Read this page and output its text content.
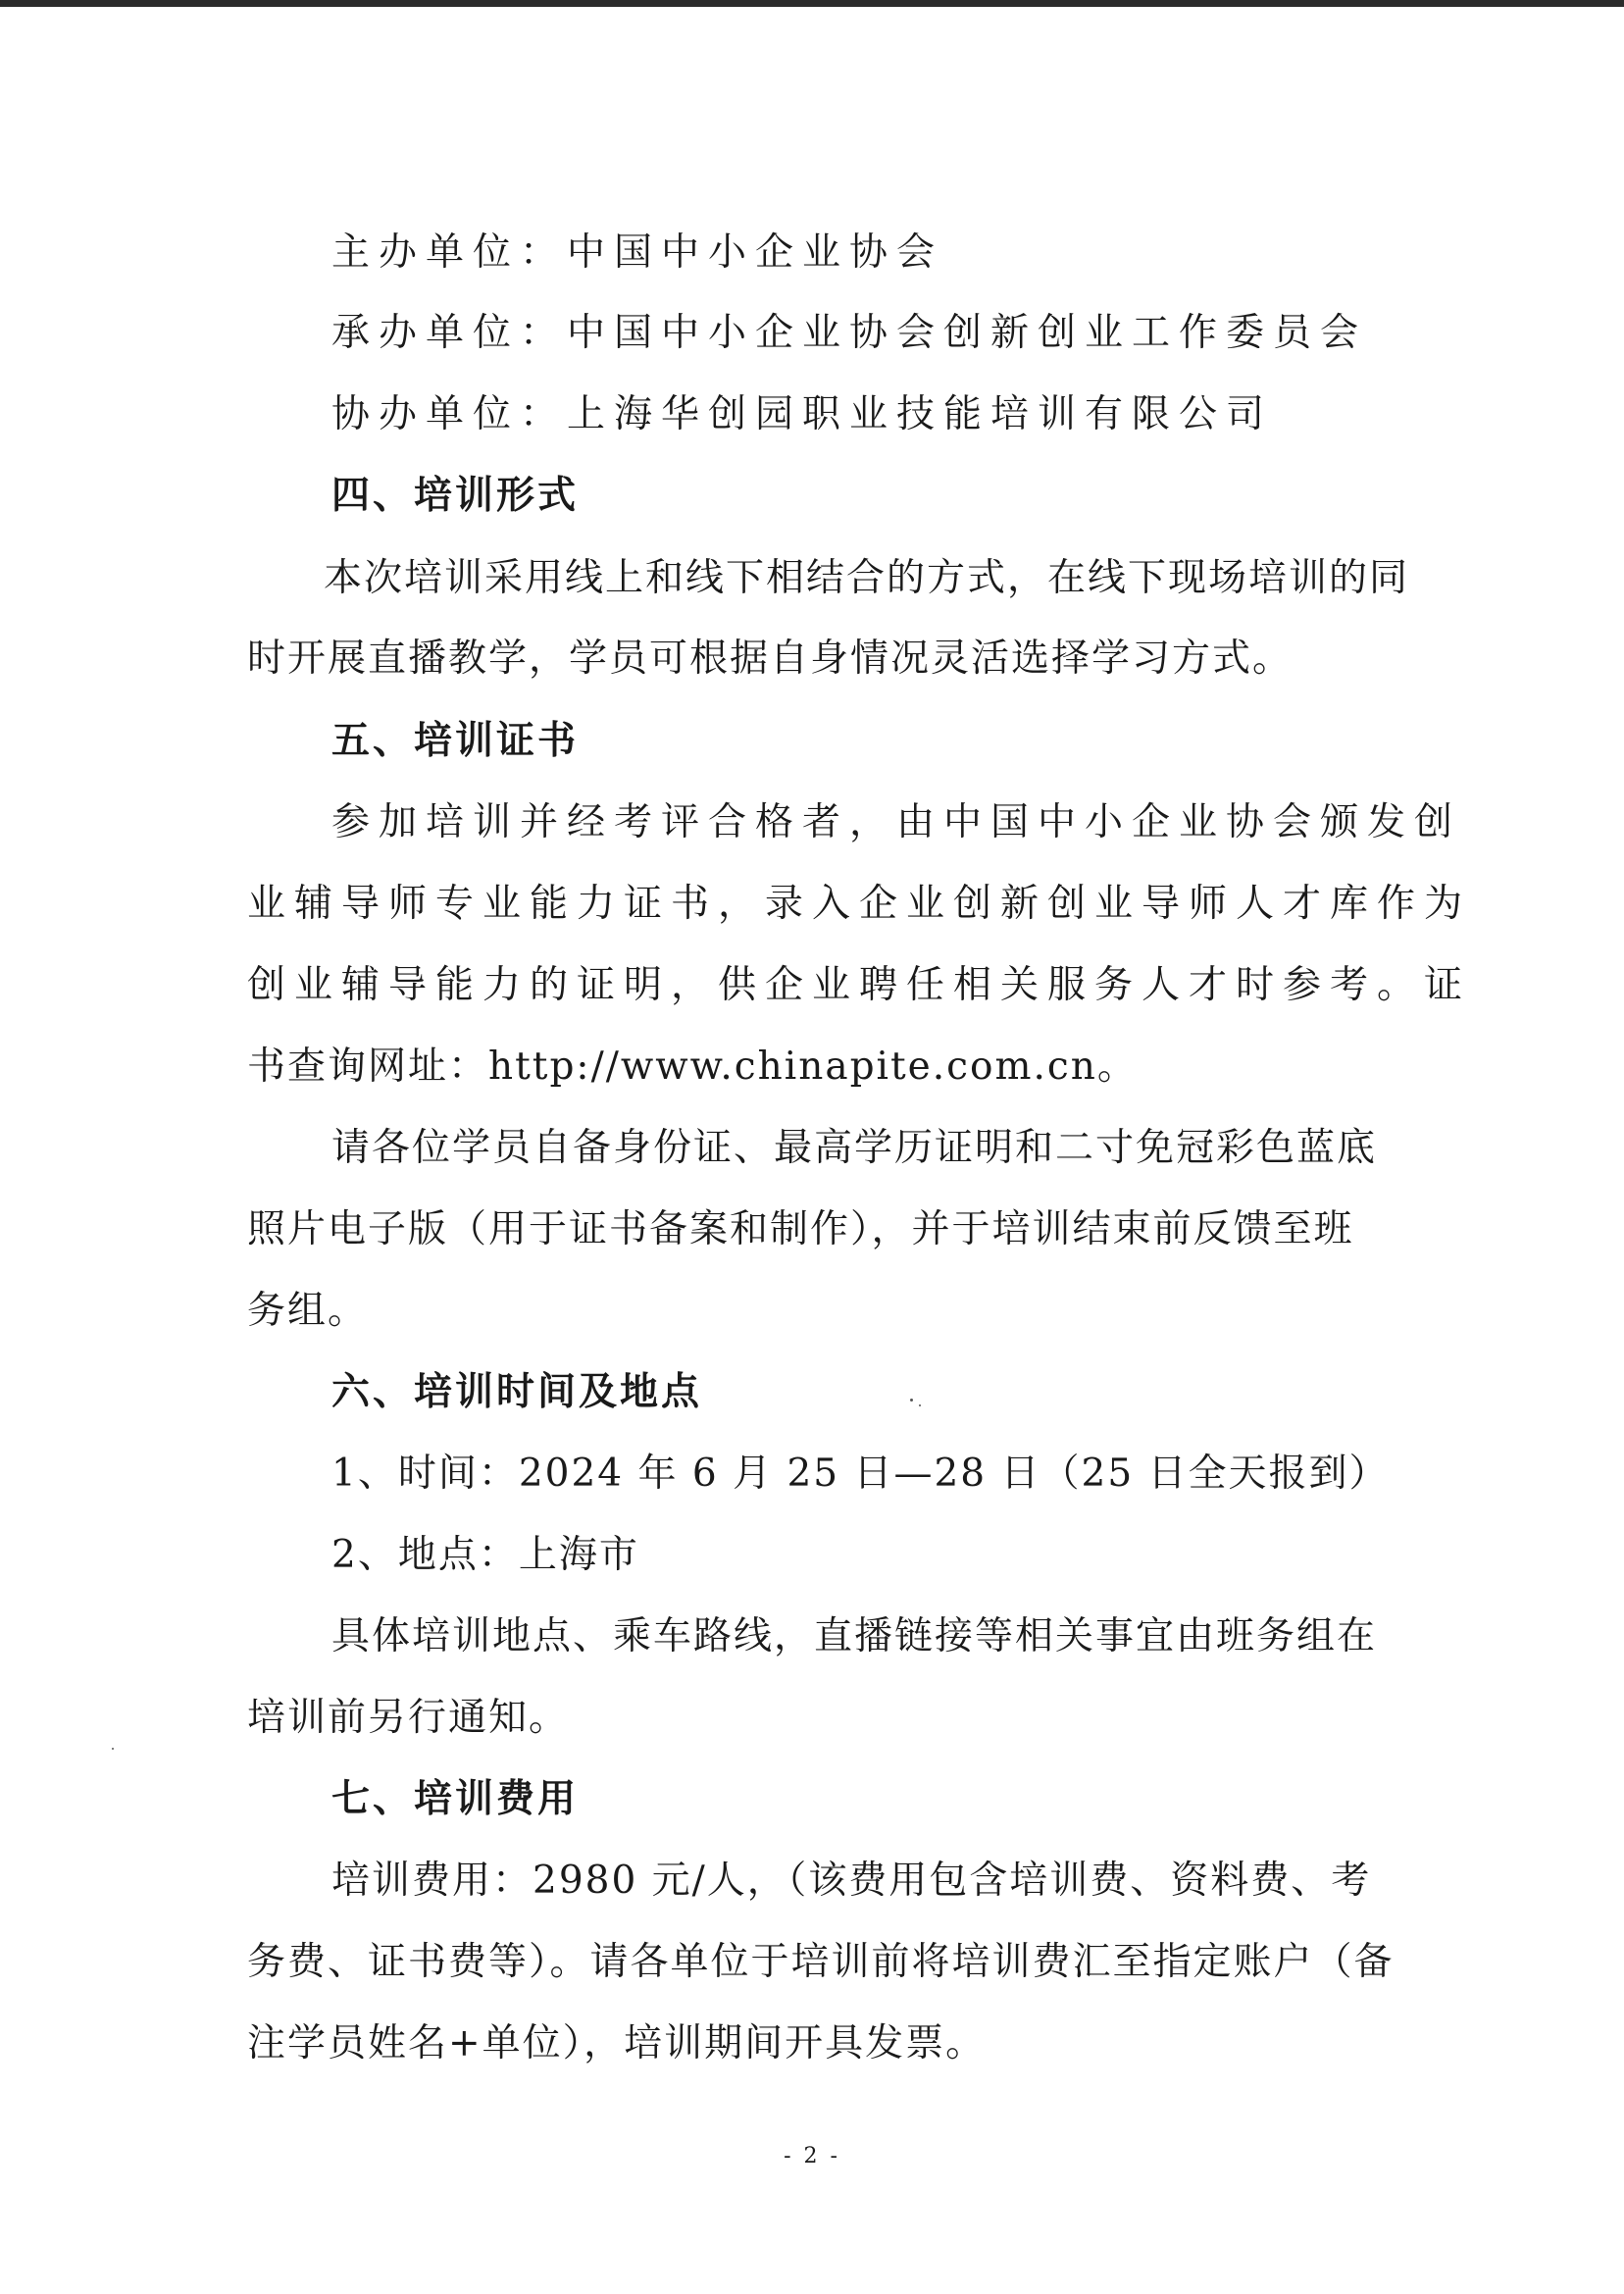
主办单位：中国中小企业协会
承办单位：中国中小企业协会创新创业工作委员会
协办单位：上海华创园职业技能培训有限公司
四、培训形式
本次培训采用线上和线下相结合的方式，在线下现场培训的同
时开展直播教学，学员可根据自身情况灵活选择学习方式。
五、培训证书
参加培训并经考评合格者，由中国中小企业协会颁发创
业辅导师专业能力证书，录入企业创新创业导师人才库作为
创业辅导能力的证明，供企业聘任相关服务人才时参考。证
书查询网址：http://www.chinapite.com.cn。
请各位学员自备身份证、最高学历证明和二寸免冠彩色蓝底
照片电子版（用于证书备案和制作），并于培训结束前反馈至班
务组。
六、培训时间及地点
1、时间：2024 年 6 月 25 日—28 日（25 日全天报到）
2、地点：上海市
具体培训地点、乘车路线，直播链接等相关事宜由班务组在
培训前另行通知。
七、培训费用
培训费用：2980 元/人，（该费用包含培训费、资料费、考
务费、证书费等）。请各单位于培训前将培训费汇至指定账户（备
注学员姓名+单位），培训期间开具发票。
- 2 -
